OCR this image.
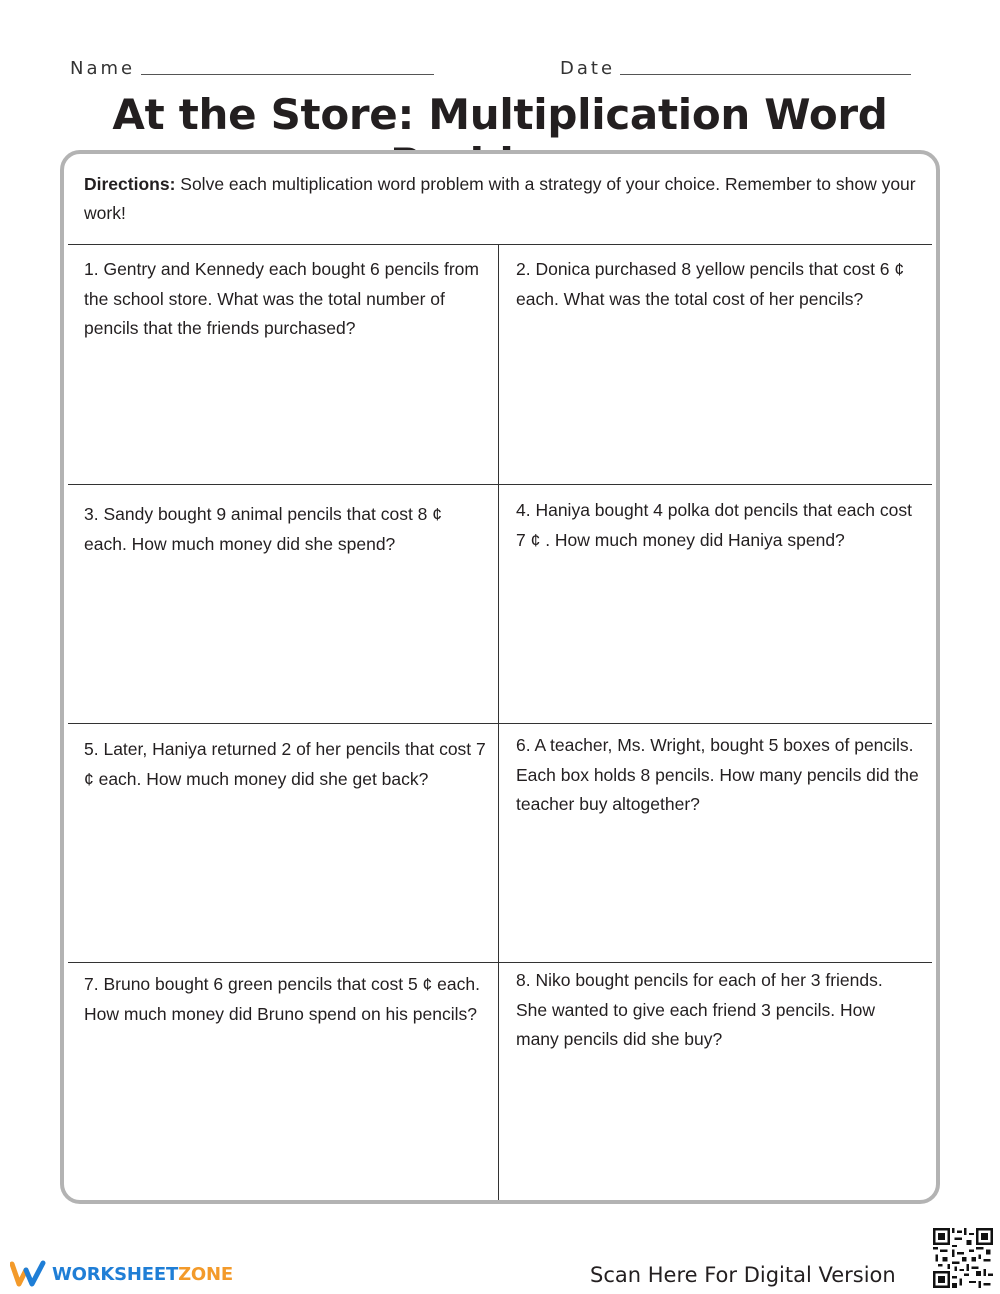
Name	Date
At the Store: Multiplication Word
Directions: Solve each multiplication word problem with a strategy of your choice. Remember to show your work!
1. Gentry and Kennedy each bought 6 pencils from the school store. What was the total number of pencils that the friends purchased?
2. Donica purchased 8 yellow pencils that cost 6 ¢ each. What was the total cost of her pencils?
3. Sandy bought 9 animal pencils that cost 8 ¢ each. How much money did she spend?
4. Haniya bought 4 polka dot pencils that each cost 7 ¢ . How much money did Haniya spend?
5. Later, Haniya returned 2 of her pencils that cost 7 ¢ each. How much money did she get back?
6. A teacher, Ms. Wright, bought 5 boxes of pencils. Each box holds 8 pencils. How many pencils did the teacher buy altogether?
7. Bruno bought 6 green pencils that cost 5 ¢ each. How much money did Bruno spend on his pencils?
8. Niko bought pencils for each of her 3 friends. She wanted to give each friend 3 pencils. How many pencils did she buy?
WORKSHEETZONE	Scan Here For Digital Version
